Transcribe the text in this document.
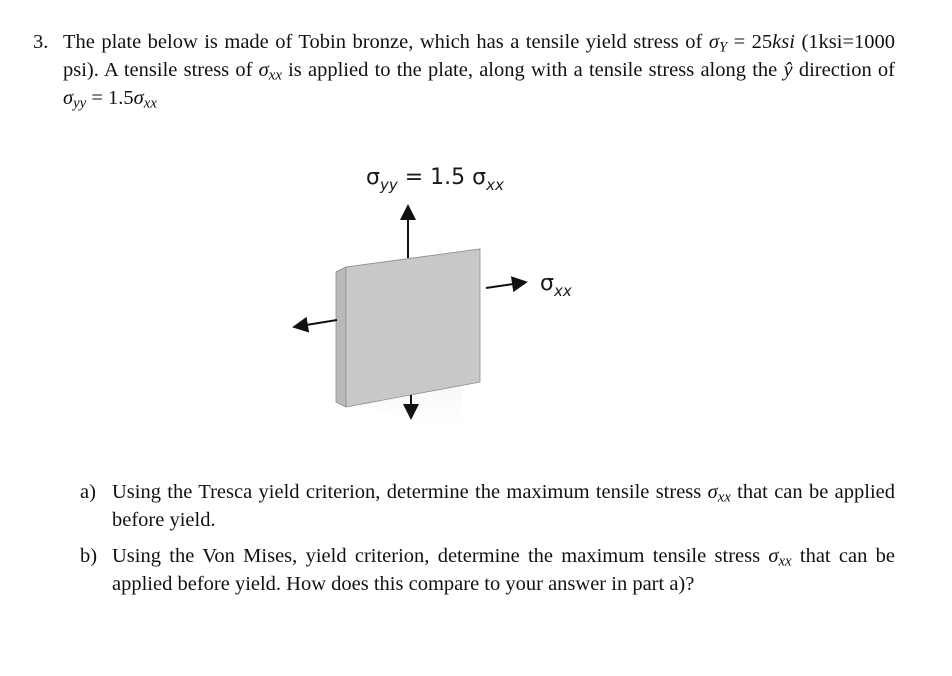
3. The plate below is made of Tobin bronze, which has a tensile yield stress of σY = 25ksi (1ksi=1000 psi). A tensile stress of σxx is applied to the plate, along with a tensile stress along the ŷ direction of σyy = 1.5σxx
$\sigma_{yy} = 1.5$ $\sigma_{xx}$
$\sigma_{xx}$
a) Using the Tresca yield criterion, determine the maximum tensile stress σxx that can be applied before yield.
b) Using the Von Mises, yield criterion, determine the maximum tensile stress σxx that can be applied before yield. How does this compare to your answer in part a)?
